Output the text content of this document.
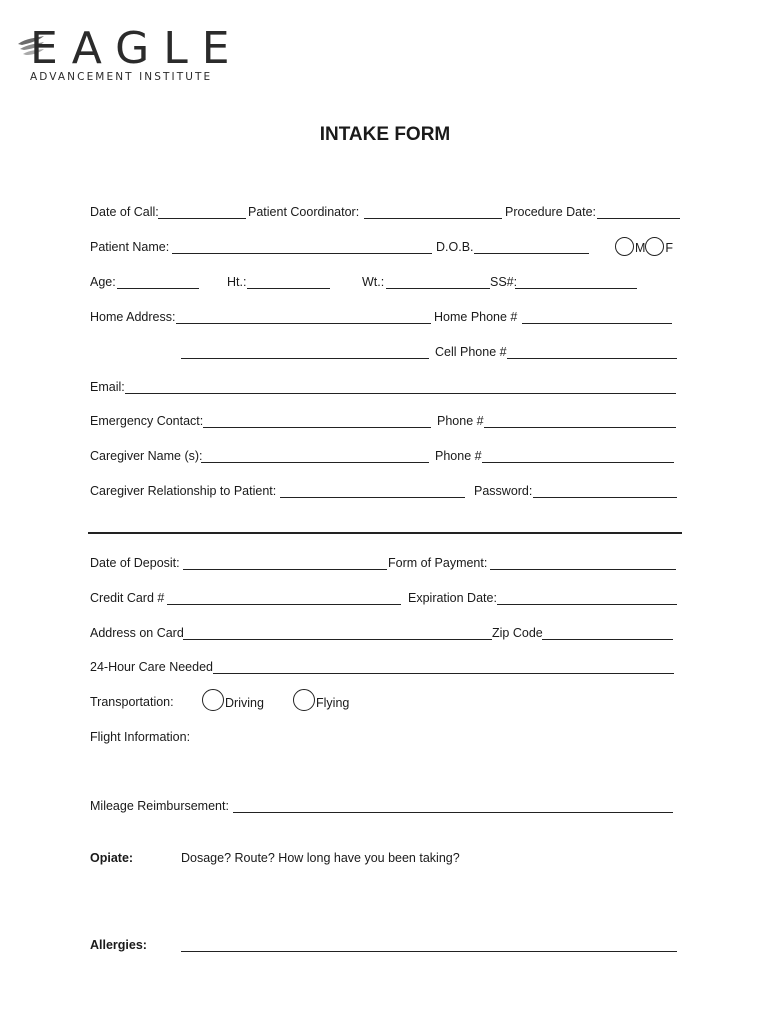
EAGLE
ADVANCEMENT INSTITUTE
INTAKE FORM
Date of Call:	Patient Coordinator:	Procedure Date:
Patient Name:	D.O.B.	M F
Age:	Ht.:	Wt.:	SS#:
Home Address:	Home Phone #
Cell Phone #
Email:
Emergency Contact:	Phone #
Caregiver Name (s):	Phone #
Caregiver Relationship to Patient:	Password:
Date of Deposit:	Form of Payment:
Credit Card #	Expiration Date:
Address on Card	Zip Code
24-Hour Care Needed
Transportation:	Driving	Flying
Flight Information:
Mileage Reimbursement:
Opiate:	Dosage? Route? How long have you been taking?
Allergies:
